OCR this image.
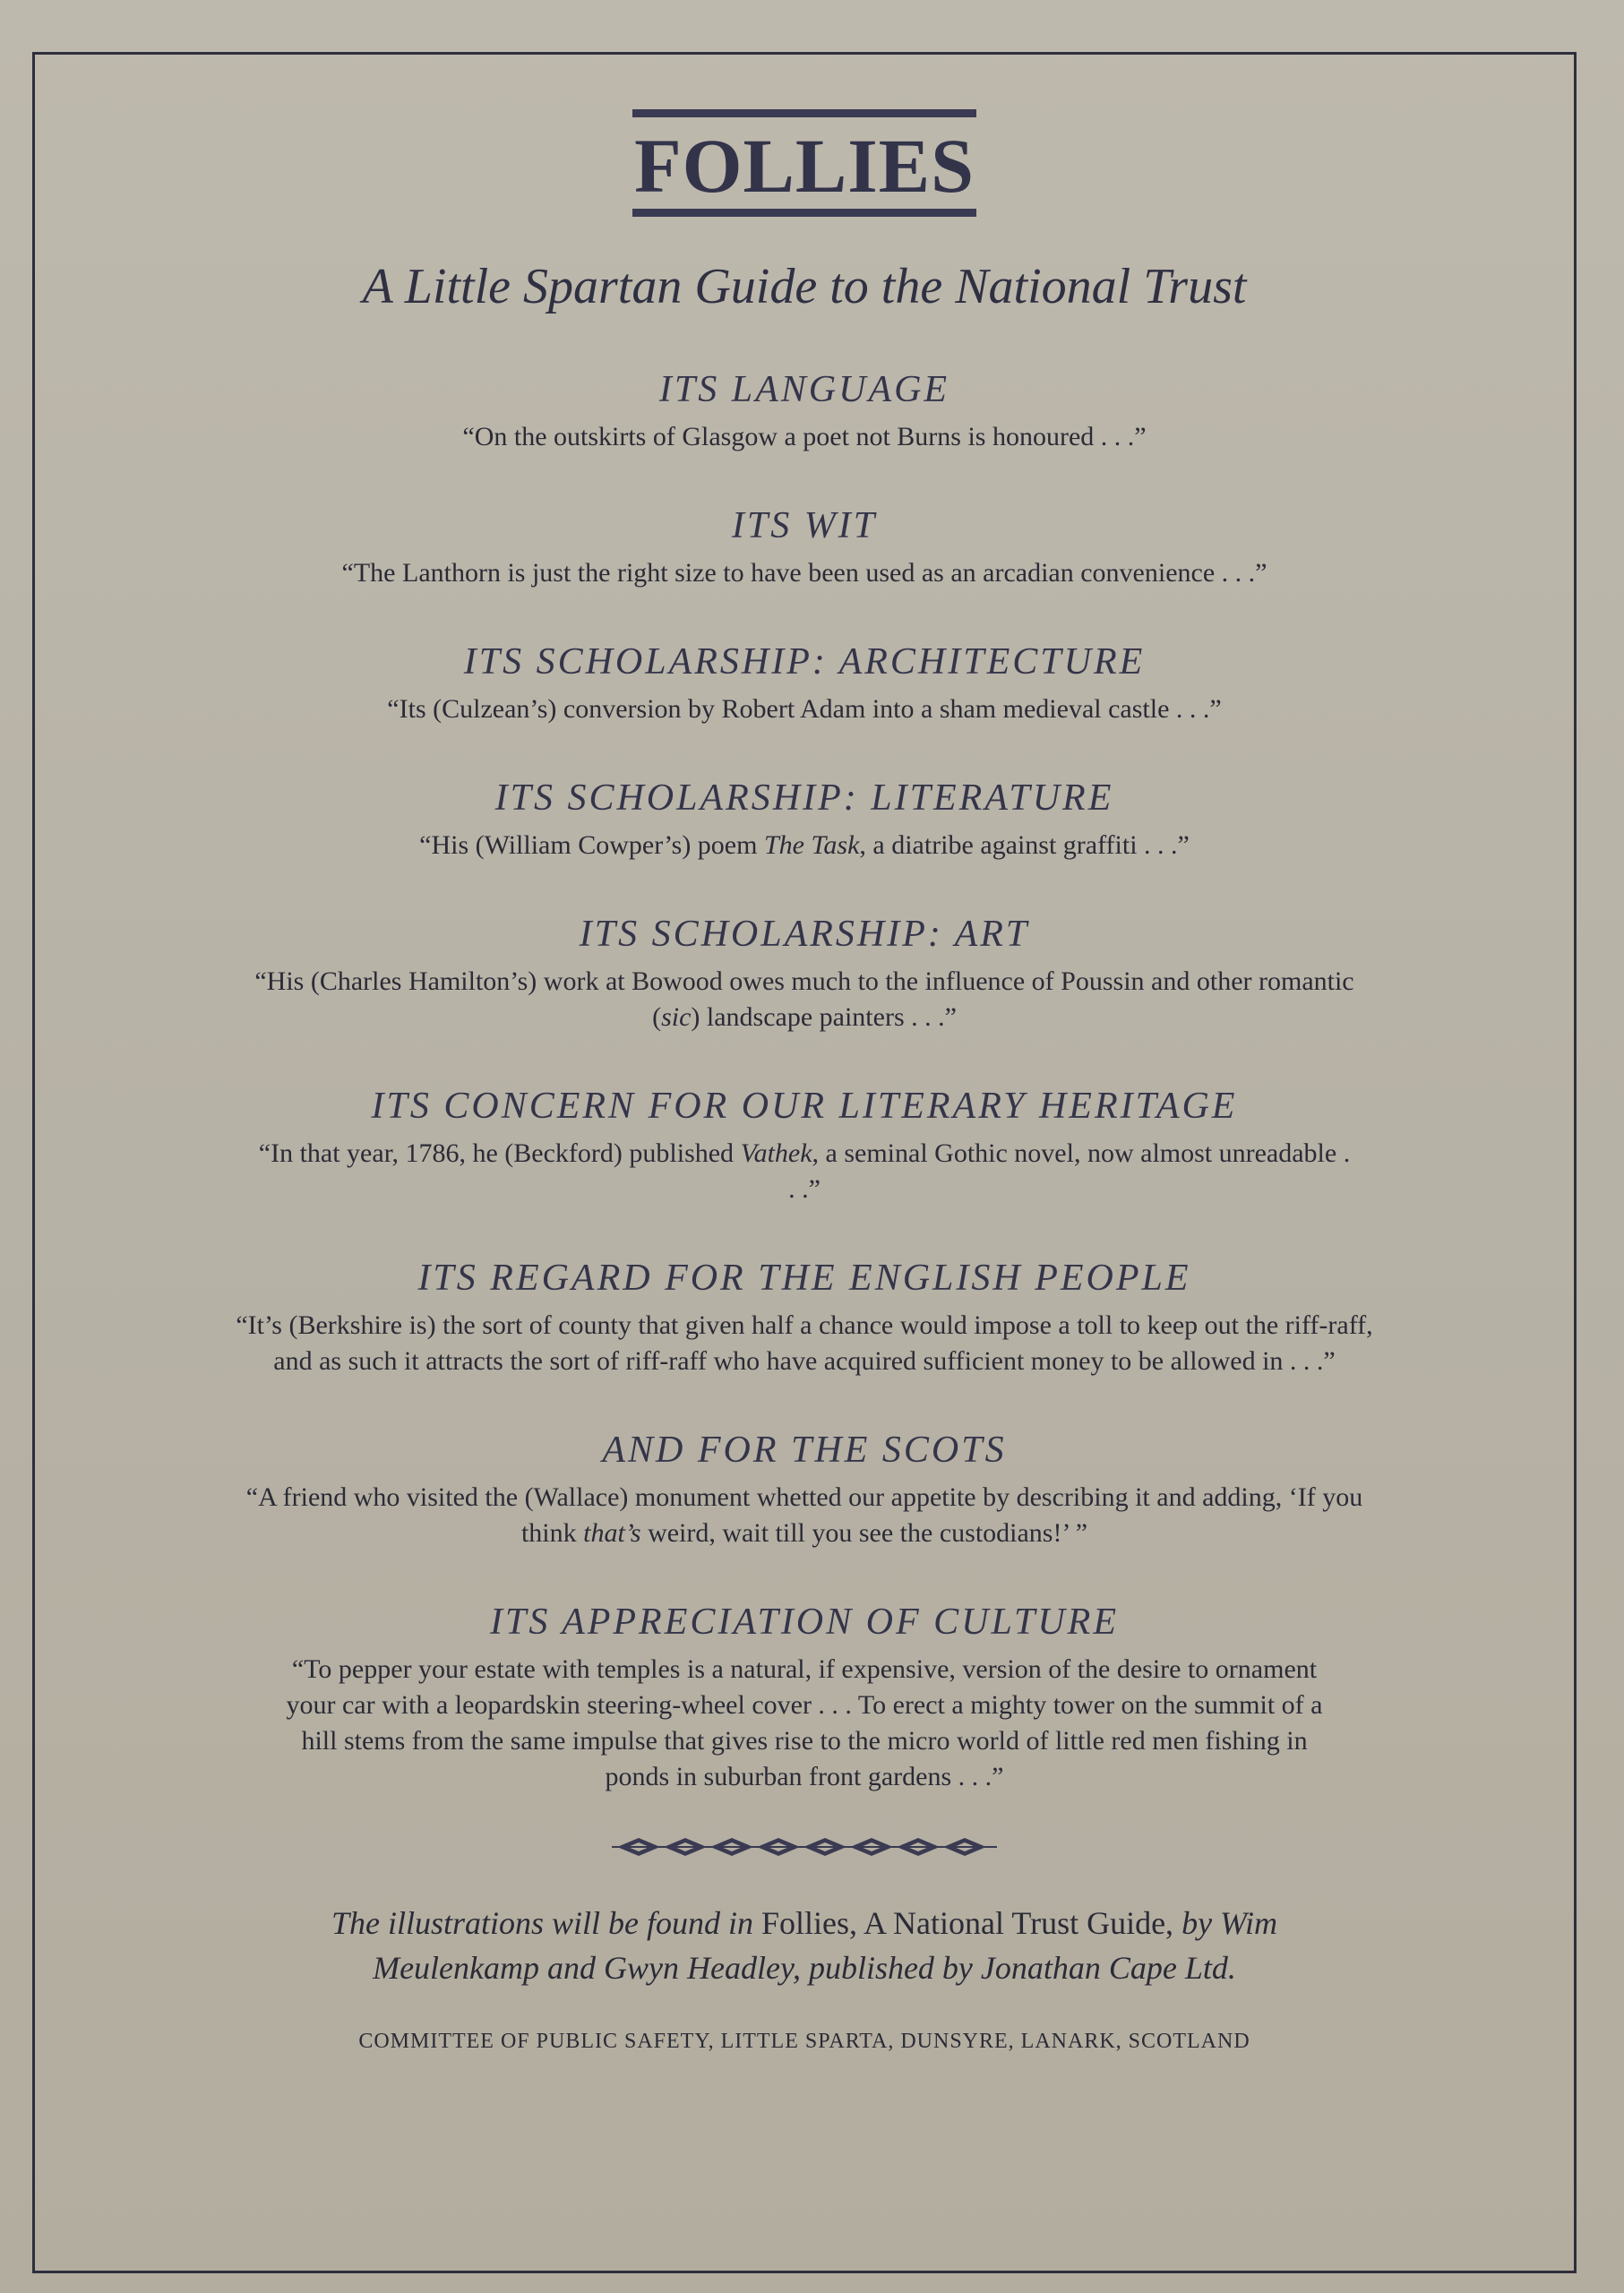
FOLLIES
A Little Spartan Guide to the National Trust
ITS LANGUAGE
“On the outskirts of Glasgow a poet not Burns is honoured . . .”
ITS WIT
“The Lanthorn is just the right size to have been used as an arcadian convenience . . .”
ITS SCHOLARSHIP: ARCHITECTURE
“Its (Culzean’s) conversion by Robert Adam into a sham medieval castle . . .”
ITS SCHOLARSHIP: LITERATURE
“His (William Cowper’s) poem The Task, a diatribe against graffiti . . .”
ITS SCHOLARSHIP: ART
“His (Charles Hamilton’s) work at Bowood owes much to the influence of Poussin and other romantic (sic) landscape painters . . .”
ITS CONCERN FOR OUR LITERARY HERITAGE
“In that year, 1786, he (Beckford) published Vathek, a seminal Gothic novel, now almost unreadable . . .”
ITS REGARD FOR THE ENGLISH PEOPLE
“It’s (Berkshire is) the sort of county that given half a chance would impose a toll to keep out the riff-raff, and as such it attracts the sort of riff-raff who have acquired sufficient money to be allowed in . . .”
AND FOR THE SCOTS
“A friend who visited the (Wallace) monument whetted our appetite by describing it and adding, ‘If you think that’s weird, wait till you see the custodians!’ ”
ITS APPRECIATION OF CULTURE
“To pepper your estate with temples is a natural, if expensive, version of the desire to ornament your car with a leopardskin steering-wheel cover . . . To erect a mighty tower on the summit of a hill stems from the same impulse that gives rise to the micro world of little red men fishing in ponds in suburban front gardens . . .”
The illustrations will be found in Follies, A National Trust Guide, by Wim Meulenkamp and Gwyn Headley, published by Jonathan Cape Ltd.
COMMITTEE OF PUBLIC SAFETY, LITTLE SPARTA, DUNSYRE, LANARK, SCOTLAND
